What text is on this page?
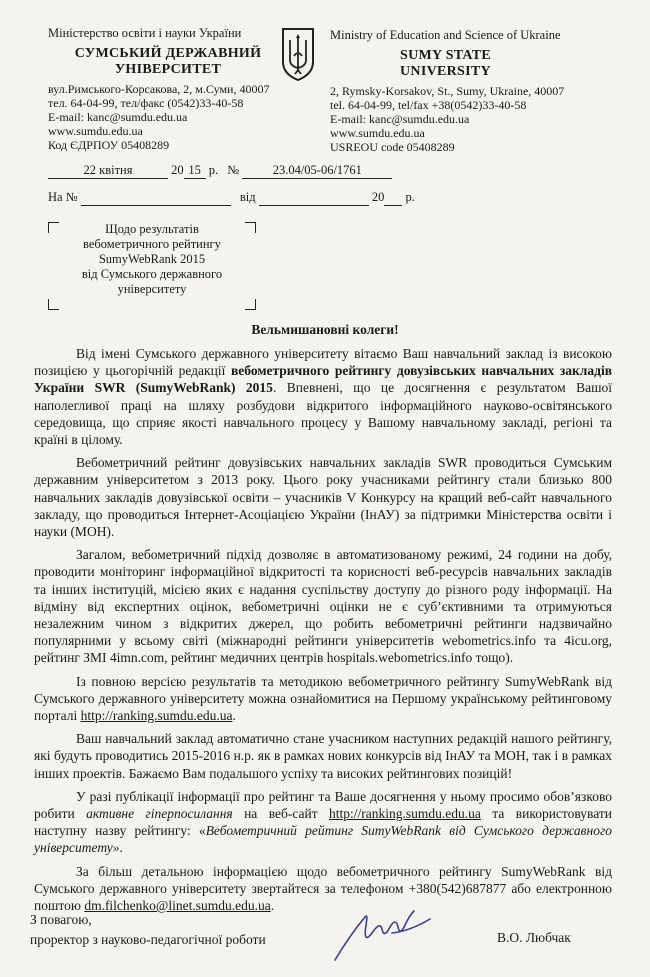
Міністерство освіти і науки України
СУМСЬКИЙ ДЕРЖАВНИЙ
УНІВЕРСИТЕТ
вул.Римського-Корсакова, 2, м.Суми, 40007
тел. 64-04-99, тел/факс (0542)33-40-58
E-mail: kanc@sumdu.edu.ua
www.sumdu.edu.ua
Код ЄДРПОУ 05408289
Ministry of Education and Science of Ukraine
SUMY STATE
UNIVERSITY
2, Rymsky-Korsakov, St., Sumy, Ukraine, 40007
tel. 64-04-99, tel/fax +38(0542)33-40-58
E-mail: kanc@sumdu.edu.ua
www.sumdu.edu.ua
USREOU code 05408289
22 квітня	20 15 р. №	23.04/05-06/1761
На №	від	20 р.
Щодо результатів
вебометричного рейтингу
SumyWebRank 2015
від Сумського державного
університету
Вельмишановні колеги!

Від імені Сумського державного університету вітаємо Ваш навчальний заклад із високою позицією у цьогорічній редакції вебометричного рейтингу довузівських навчальних закладів України SWR (SumyWebRank) 2015. Впевнені, що це досягнення є результатом Вашої наполегливої праці на шляху розбудови відкритого інформаційного науково-освітянського середовища, що сприяє якості навчального процесу у Вашому навчальному закладі, регіоні та країні в цілому.

Вебометричний рейтинг довузівських навчальних закладів SWR проводиться Сумським державним університетом з 2013 року. Цього року учасниками рейтингу стали близько 800 навчальних закладів довузівської освіти – учасників V Конкурсу на кращий веб-сайт навчального закладу, що проводиться Інтернет-Асоціацією України (ІнАУ) за підтримки Міністерства освіти і науки (МОН).

Загалом, вебометричний підхід дозволяє в автоматизованому режимі, 24 години на добу, проводити моніторинг інформаційної відкритості та корисності веб-ресурсів навчальних закладів та інших інституцій, місією яких є надання суспільству доступу до різного роду інформації. На відміну від експертних оцінок, вебометричні оцінки не є суб’єктивними та отримуються незалежним чином з відкритих джерел, що робить вебометричні рейтинги надзвичайно популярними у всьому світі (міжнародні рейтинги університетів webometrics.info та 4icu.org, рейтинг ЗМІ 4imn.com, рейтинг медичних центрів hospitals.webometrics.info тощо).

Із повною версією результатів та методикою вебометричного рейтингу SumyWebRank від Сумського державного університету можна ознайомитися на Першому українському рейтинговому порталі http://ranking.sumdu.edu.ua.

Ваш навчальний заклад автоматично стане учасником наступних редакцій нашого рейтингу, які будуть проводитись 2015-2016 н.р. як в рамках нових конкурсів від ІнАУ та МОН, так і в рамках інших проектів. Бажаємо Вам подальшого успіху та високих рейтингових позицій!

У разі публікації інформації про рейтинг та Ваше досягнення у ньому просимо обов’язково робити активне гіперпосилання на веб-сайт http://ranking.sumdu.edu.ua та використовувати наступну назву рейтингу: «Вебометричний рейтинг SumyWebRank від Сумського державного університету».

За більш детальною інформацією щодо вебометричного рейтингу SumyWebRank від Сумського державного університету звертайтеся за телефоном +380(542)687877 або електронною поштою dm.filchenko@linet.sumdu.edu.ua.

З повагою,
проректор з науково-педагогічної роботи	В.О. Любчак
